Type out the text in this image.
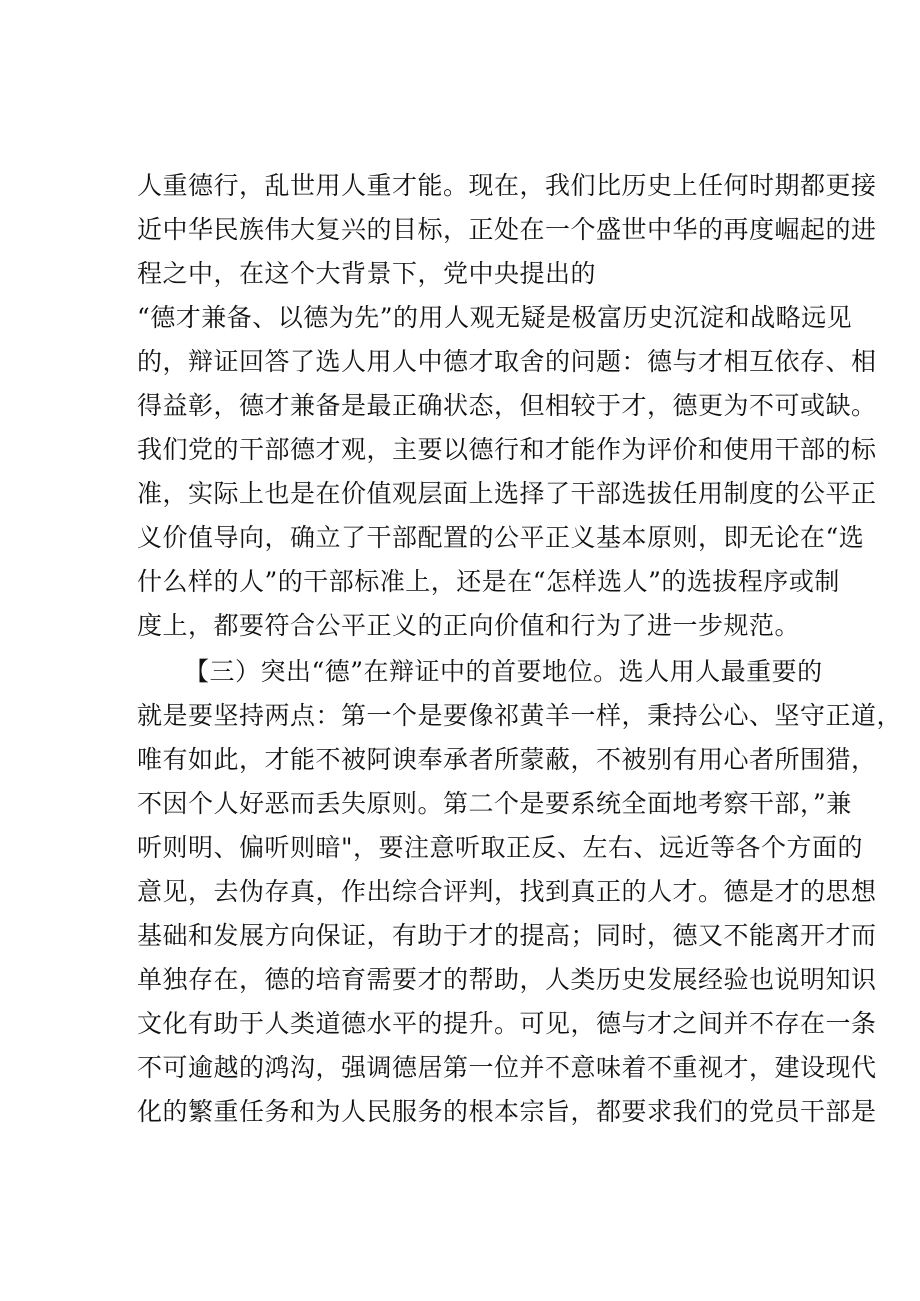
人重德行，乱世用人重才能。现在，我们比历史上任何时期都更接
近中华民族伟大复兴的目标，正处在一个盛世中华的再度崛起的进
程之中，在这个大背景下，党中央提出的
“德才兼备、以德为先”的用人观无疑是极富历史沉淀和战略远见
的，辩证回答了选人用人中德才取舍的问题：德与才相互依存、相
得益彰，德才兼备是最正确状态，但相较于才，德更为不可或缺。
我们党的干部德才观，主要以德行和才能作为评价和使用干部的标
准，实际上也是在价值观层面上选择了干部选拔任用制度的公平正
义价值导向，确立了干部配置的公平正义基本原则，即无论在“选
什么样的人”的干部标准上，还是在“怎样选人”的选拔程序或制
度上，都要符合公平正义的正向价值和行为了进一步规范。
【三）突出“德”在辩证中的首要地位。选人用人最重要的
就是要坚持两点：第一个是要像祁黄羊一样，秉持公心、坚守正道，
唯有如此，才能不被阿谀奉承者所蒙蔽，不被别有用心者所围猎，
不因个人好恶而丢失原则。第二个是要系统全面地考察干部，”兼
听则明、偏听则暗"，要注意听取正反、左右、远近等各个方面的
意见，去伪存真，作出综合评判，找到真正的人才。德是才的思想
基础和发展方向保证，有助于才的提高；同时，德又不能离开才而
单独存在，德的培育需要才的帮助，人类历史发展经验也说明知识
文化有助于人类道德水平的提升。可见，德与才之间并不存在一条
不可逾越的鸿沟，强调德居第一位并不意味着不重视才，建设现代
化的繁重任务和为人民服务的根本宗旨，都要求我们的党员干部是
